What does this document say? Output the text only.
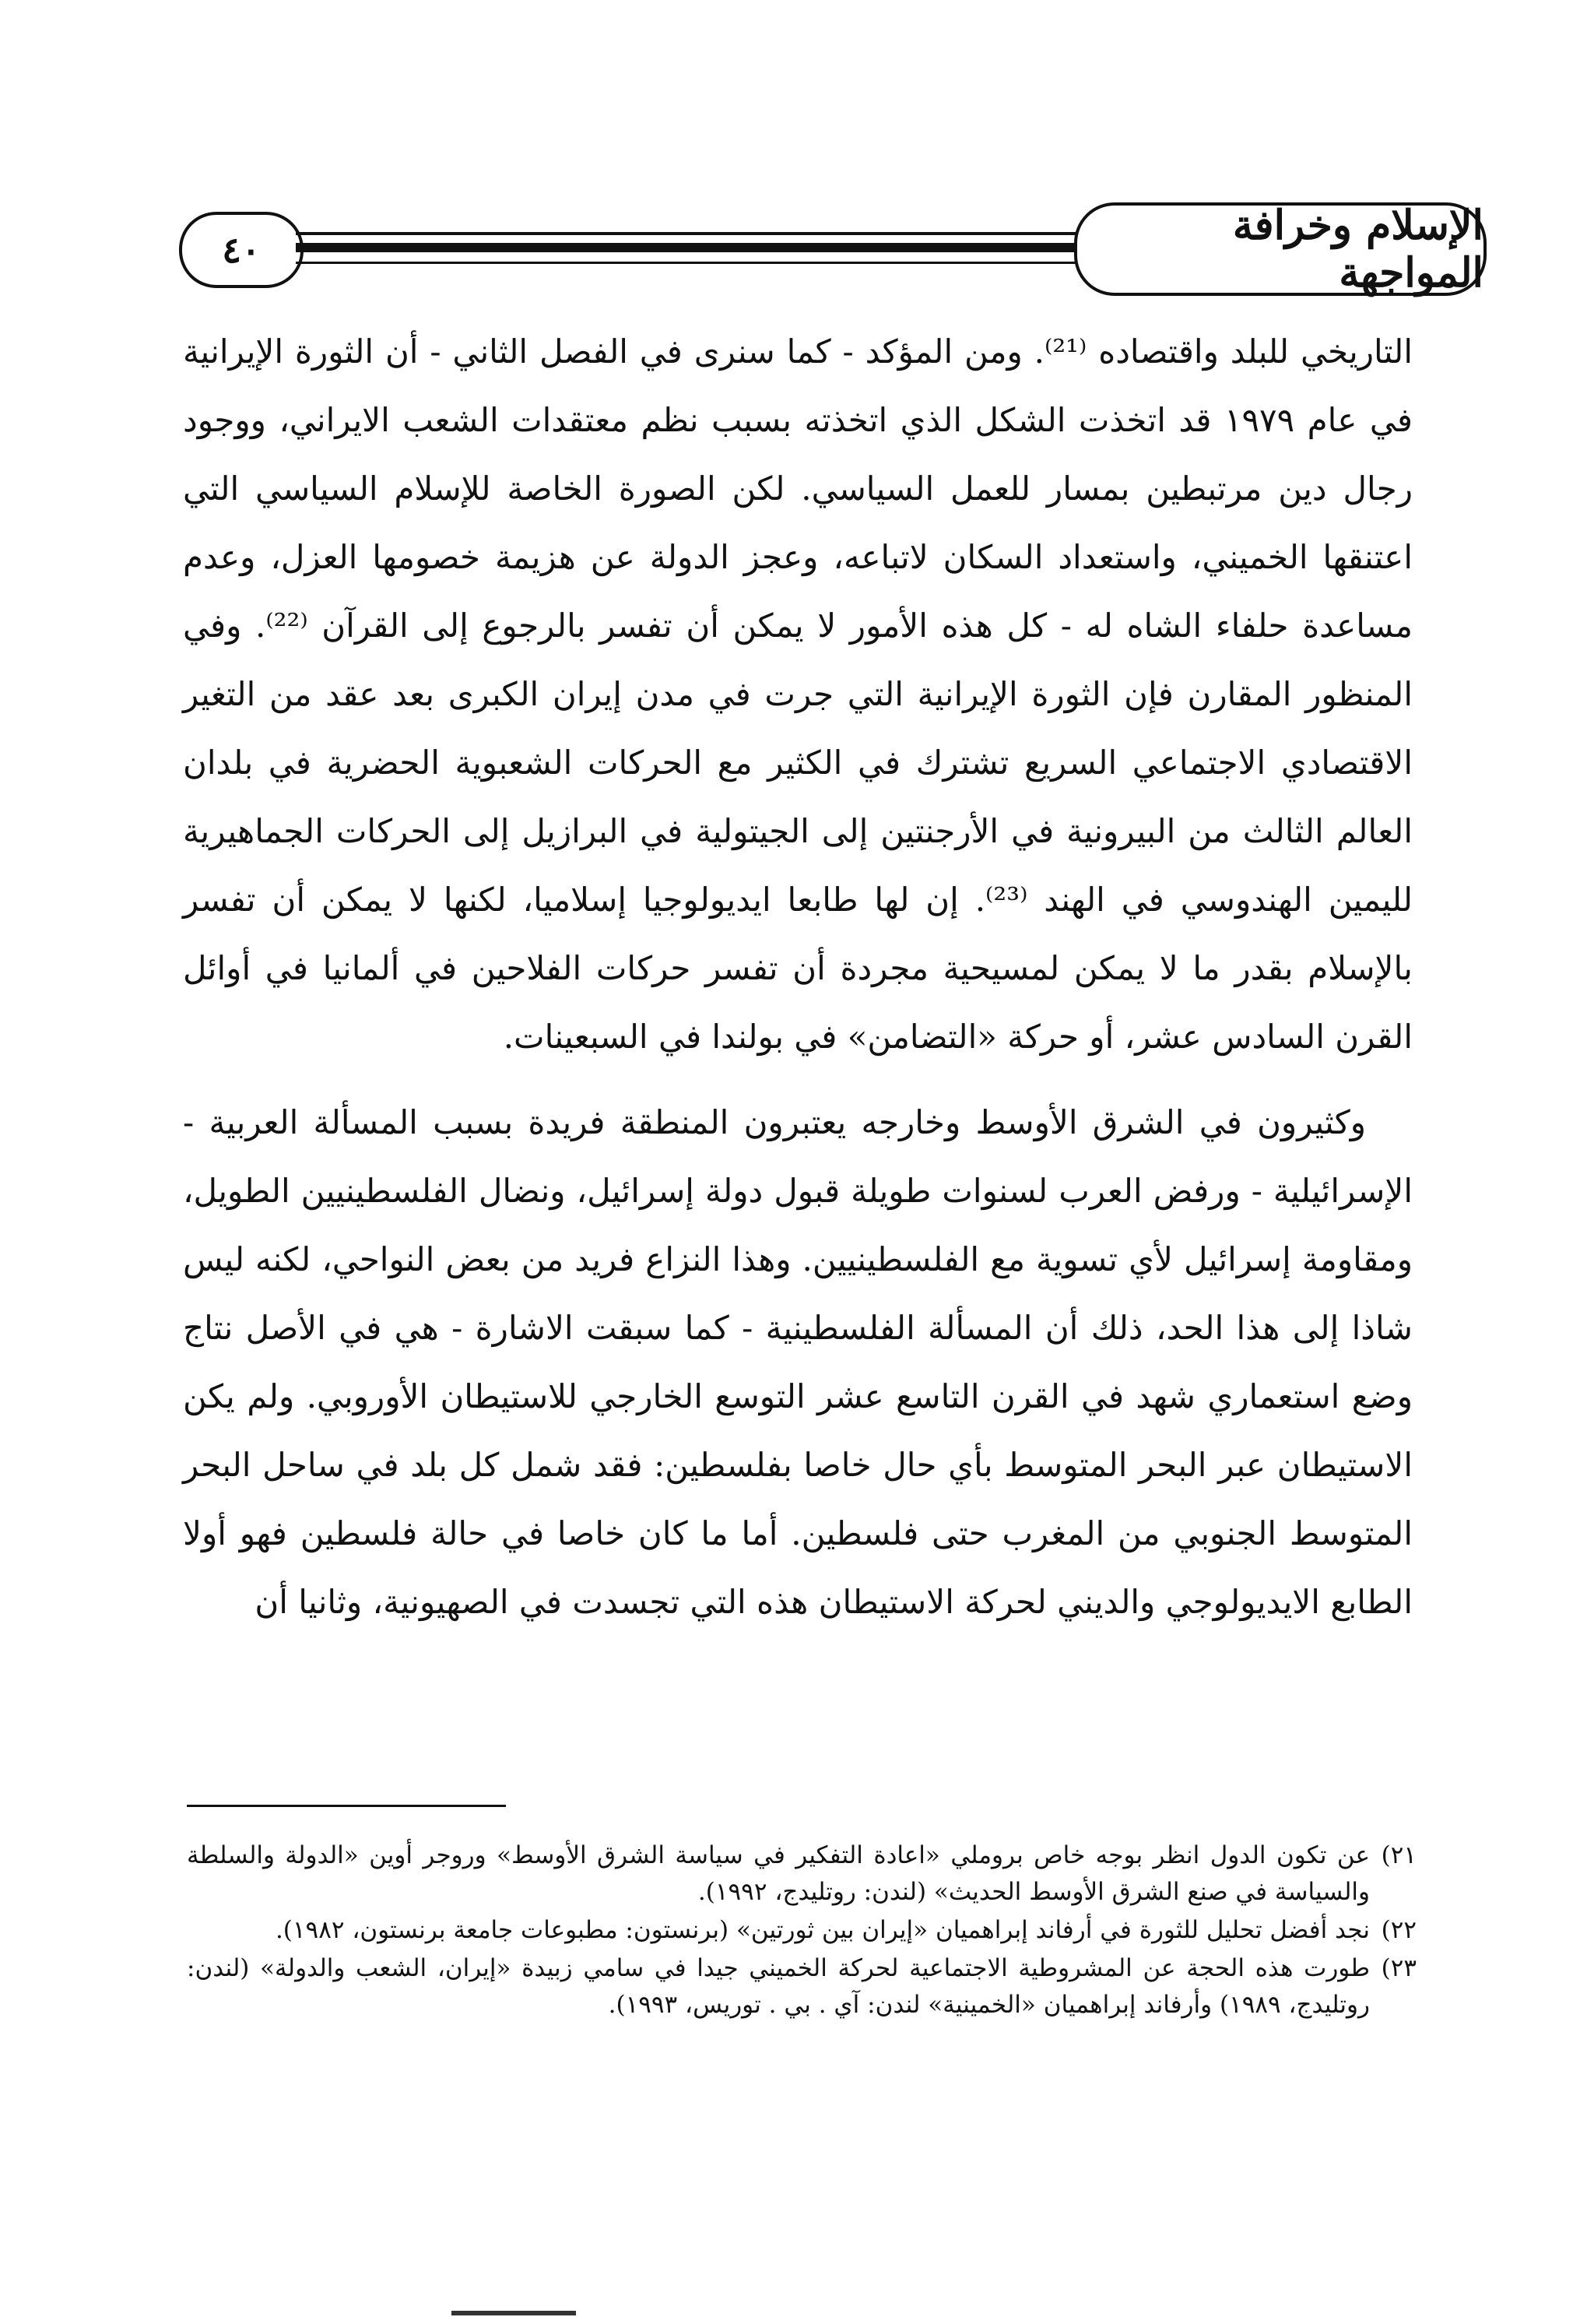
٤٠
الإسلام وخرافة المواجهة

التاريخي للبلد واقتصاده ⁽²¹⁾. ومن المؤكد - كما سنرى في الفصل الثاني - أن الثورة الإيرانية في عام ١٩٧٩ قد اتخذت الشكل الذي اتخذته بسبب نظم معتقدات الشعب الايراني، ووجود رجال دين مرتبطين بمسار للعمل السياسي. لكن الصورة الخاصة للإسلام السياسي التي اعتنقها الخميني، واستعداد السكان لاتباعه، وعجز الدولة عن هزيمة خصومها العزل، وعدم مساعدة حلفاء الشاه له - كل هذه الأمور لا يمكن أن تفسر بالرجوع إلى القرآن ⁽²²⁾. وفي المنظور المقارن فإن الثورة الإيرانية التي جرت في مدن إيران الكبرى بعد عقد من التغير الاقتصادي الاجتماعي السريع تشترك في الكثير مع الحركات الشعبوية الحضرية في بلدان العالم الثالث من البيرونية في الأرجنتين إلى الجيتولية في البرازيل إلى الحركات الجماهيرية لليمين الهندوسي في الهند ⁽²³⁾. إن لها طابعا ايديولوجيا إسلاميا، لكنها لا يمكن أن تفسر بالإسلام بقدر ما لا يمكن لمسيحية مجردة أن تفسر حركات الفلاحين في ألمانيا في أوائل القرن السادس عشر، أو حركة «التضامن» في بولندا في السبعينات.

وكثيرون في الشرق الأوسط وخارجه يعتبرون المنطقة فريدة بسبب المسألة العربية - الإسرائيلية - ورفض العرب لسنوات طويلة قبول دولة إسرائيل، ونضال الفلسطينيين الطويل، ومقاومة إسرائيل لأي تسوية مع الفلسطينيين. وهذا النزاع فريد من بعض النواحي، لكنه ليس شاذا إلى هذا الحد، ذلك أن المسألة الفلسطينية - كما سبقت الاشارة - هي في الأصل نتاج وضع استعماري شهد في القرن التاسع عشر التوسع الخارجي للاستيطان الأوروبي. ولم يكن الاستيطان عبر البحر المتوسط بأي حال خاصا بفلسطين: فقد شمل كل بلد في ساحل البحر المتوسط الجنوبي من المغرب حتى فلسطين. أما ما كان خاصا في حالة فلسطين فهو أولا الطابع الايديولوجي والديني لحركة الاستيطان هذه التي تجسدت في الصهيونية، وثانيا أن

٢١)
عن تكون الدول انظر بوجه خاص بروملي «اعادة التفكير في سياسة الشرق الأوسط» وروجر أوين «الدولة والسلطة والسياسة في صنع الشرق الأوسط الحديث» (لندن: روتليدج، ١٩٩٢).
٢٢)
نجد أفضل تحليل للثورة في أرفاند إبراهميان «إيران بين ثورتين» (برنستون: مطبوعات جامعة برنستون، ١٩٨٢).
٢٣)
طورت هذه الحجة عن المشروطية الاجتماعية لحركة الخميني جيدا في سامي زبيدة «إيران، الشعب والدولة» (لندن: روتليدج، ١٩٨٩) وأرفاند إبراهميان «الخمينية» لندن: آي . بي . توريس، ١٩٩٣).
